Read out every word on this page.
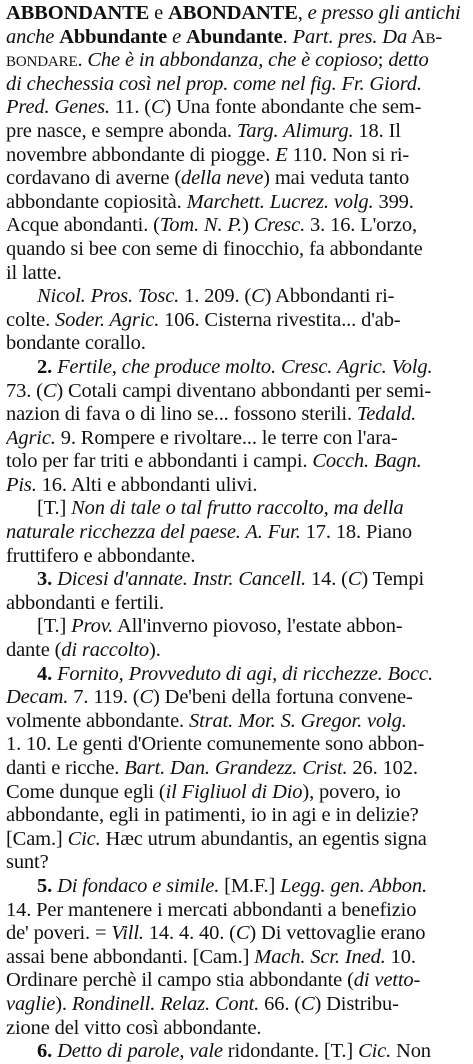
ABBONDANTE e ABONDANTE, e presso gli antichi
anche Abbundante e Abundante. Part. pres. Da AB-
BONDARE. Che è in abbondanza, che è copioso; detto
di chechessia così nel prop. come nel fig. Fr. Giord.
Pred. Genes. 11. (C) Una fonte abondante che sem-
pre nasce, e sempre abonda. Targ. Alimurg. 18. Il
novembre abbondante di piogge. E 110. Non si ri-
cordavano di averne (della neve) mai veduta tanto
abbondante copiosità. Marchett. Lucrez. volg. 399.
Acque abondanti. (Tom. N. P.) Cresc. 3. 16. L'orzo,
quando si bee con seme di finocchio, fa abbondante
il latte.
Nicol. Pros. Tosc. 1. 209. (C) Abbondanti ri-
colte. Soder. Agric. 106. Cisterna rivestita... d'ab-
bondante corallo.
2. Fertile, che produce molto. Cresc. Agric. Volg.
73. (C) Cotali campi diventano abbondanti per semi-
nazion di fava o di lino se... fossono sterili. Tedald.
Agric. 9. Rompere e rivoltare... le terre con l'ara-
tolo per far triti e abbondanti i campi. Cocch. Bagn.
Pis. 16. Alti e abbondanti ulivi.
[T.] Non di tale o tal frutto raccolto, ma della
naturale ricchezza del paese. A. Fur. 17. 18. Piano
fruttifero e abbondante.
3. Dicesi d'annate. Instr. Cancell. 14. (C) Tempi
abbondanti e fertili.
[T.] Prov. All'inverno piovoso, l'estate abbon-
dante (di raccolto).
4. Fornito, Provveduto di agi, di ricchezze. Bocc.
Decam. 7. 119. (C) De'beni della fortuna convene-
volmente abbondante. Strat. Mor. S. Gregor. volg.
1. 10. Le genti d'Oriente comunemente sono abbon-
danti e ricche. Bart. Dan. Grandezz. Crist. 26. 102.
Come dunque egli (il Figliuol di Dio), povero, io
abbondante, egli in patimenti, io in agi e in delizie?
[Cam.] Cic. Hæc utrum abundantis, an egentis signa
sunt?
5. Di fondaco e simile. [M.F.] Legg. gen. Abbon.
14. Per mantenere i mercati abbondanti a benefizio
de' poveri. = Vill. 14. 4. 40. (C) Di vettovaglie erano
assai bene abbondanti. [Cam.] Mach. Scr. Ined. 10.
Ordinare perchè il campo stia abbondante (di vetto-
vaglie). Rondinell. Relaz. Cont. 66. (C) Distribu-
zione del vitto così abbondante.
6. Detto di parole, vale ridondante. [T.] Cic. Non
